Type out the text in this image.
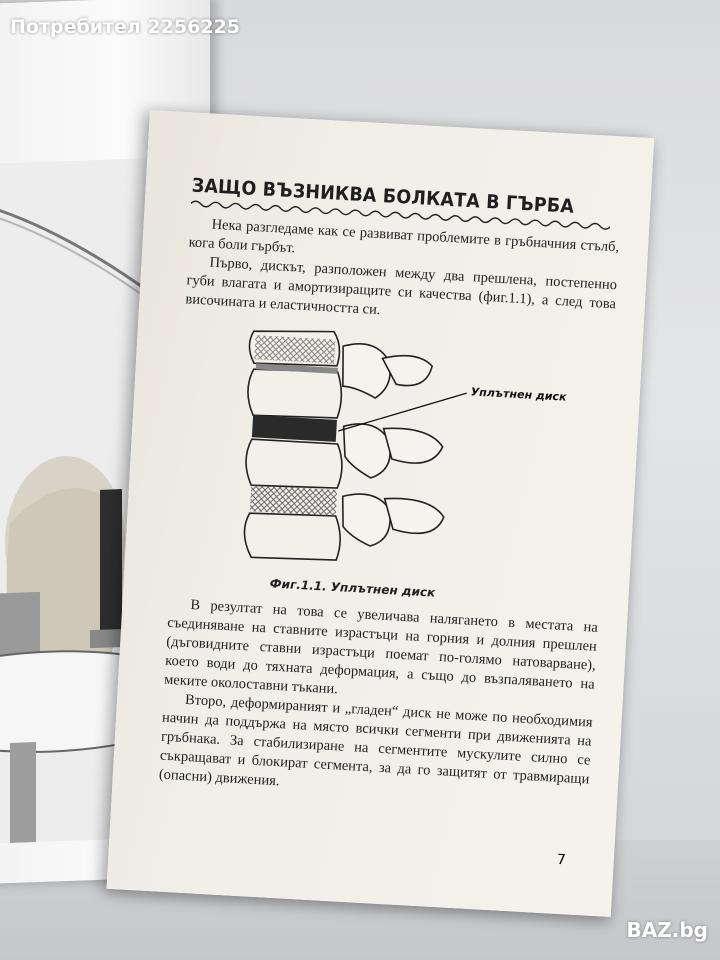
ЗАЩО ВЪЗНИКВА БОЛКАТА В ГЪРБА

Нека разгледаме как се развиват проблемите в гръбначния стълб, кога боли гърбът.

Първо, дискът, разположен между два прешлена, постепенно губи влагата и амортизиращите си качества (фиг.1.1), а след това височината и еластичността си.

Уплътнен диск

Фиг.1.1. Уплътнен диск

В резултат на това се увеличава налягането в местата на съединяване на ставните израстъци на горния и долния прешлен (дъговидните ставни израстъци поемат по-голямо натоварване), което води до тяхната деформация, а също до възпаляването на меките околоставни тъкани.

Второ, деформираният и „гладен“ диск не може по необходимия начин да поддържа на място всички сегменти при движенията на гръбнака. За стабилизиране на сегментите мускулите силно се съкращават и блокират сегмента, за да го защитят от травмиращи (опасни) движения.

7
Потребител 2256225
BAZ.bg
